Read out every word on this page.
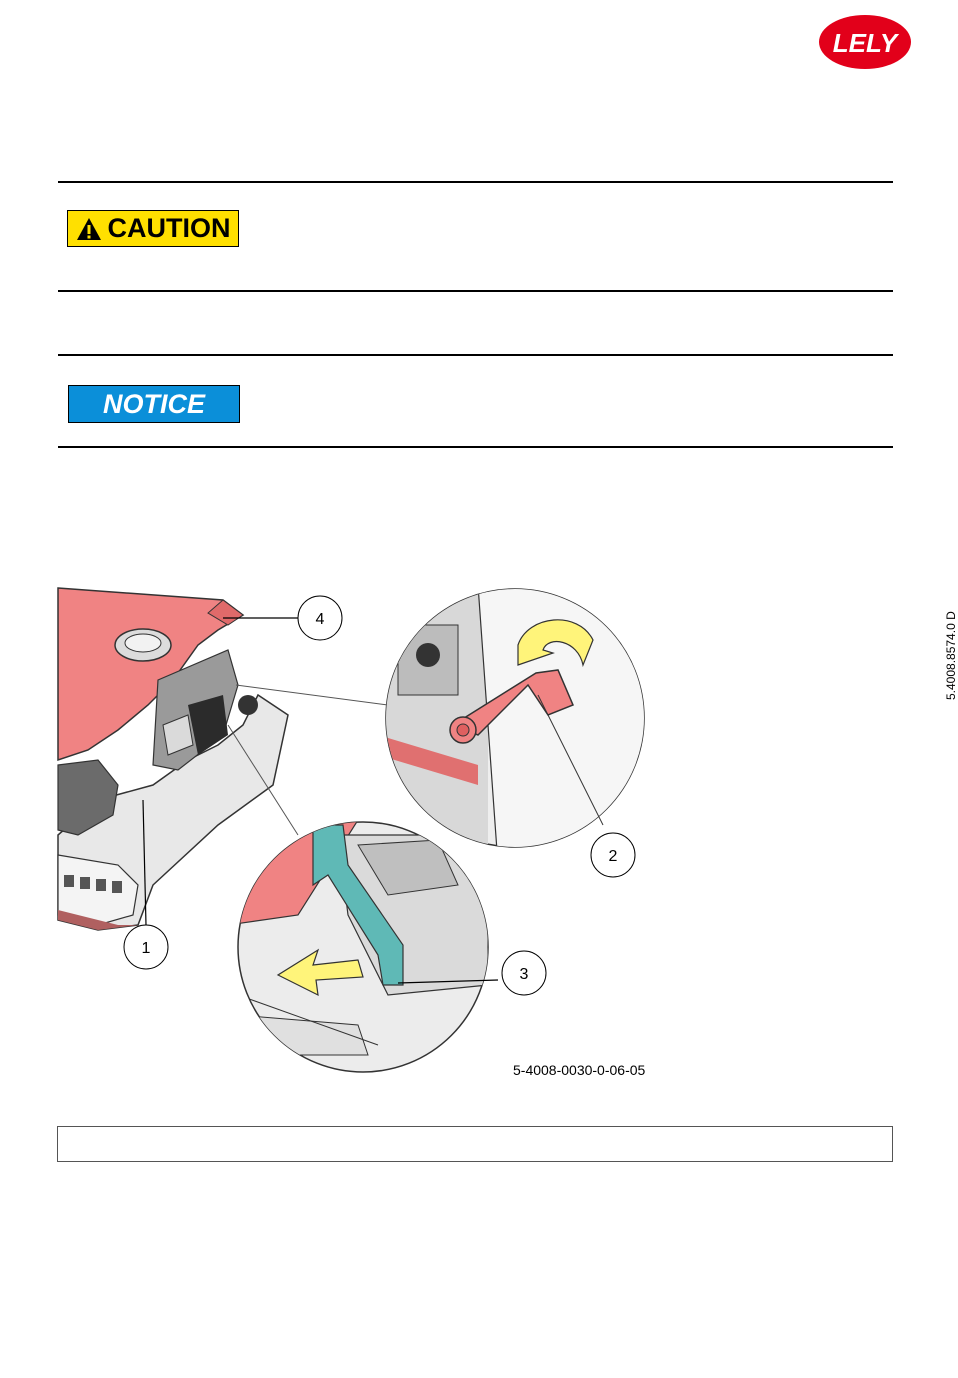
LELY
CAUTION
NOTICE
4
2
1
3
5-4008-0030-0-06-05
5.4008.8574.0 D
